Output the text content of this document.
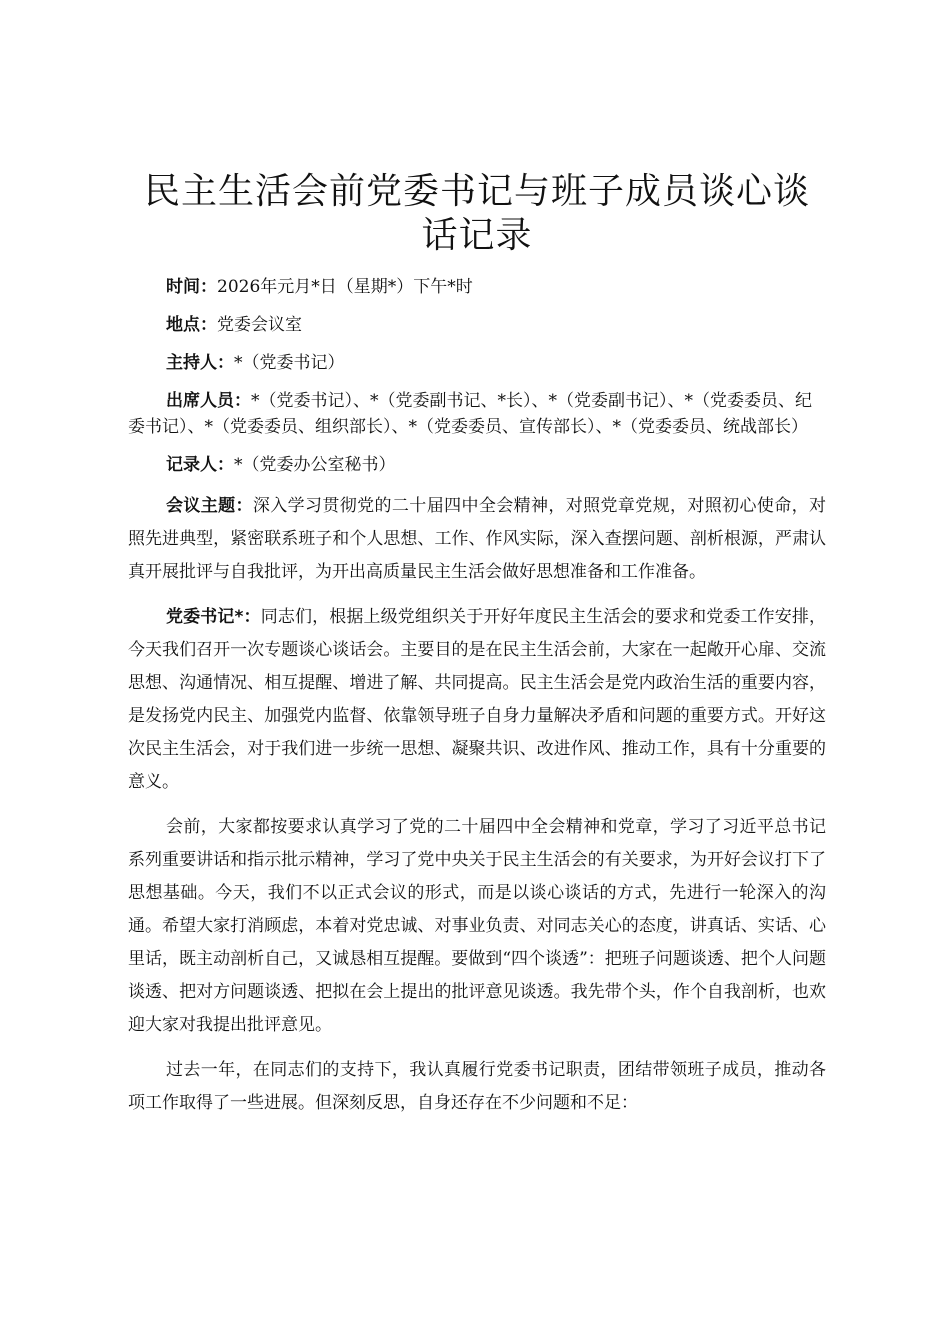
民主生活会前党委书记与班子成员谈心谈话记录

时间：2026年元月*日（星期*）下午*时

地点：党委会议室

主持人：*（党委书记）

出席人员：*（党委书记）、*（党委副书记、*长）、*（党委副书记）、*（党委委员、纪委书记）、*（党委委员、组织部长）、*（党委委员、宣传部长）、*（党委委员、统战部长）

记录人：*（党委办公室秘书）

会议主题：深入学习贯彻党的二十届四中全会精神，对照党章党规，对照初心使命，对照先进典型，紧密联系班子和个人思想、工作、作风实际，深入查摆问题、剖析根源，严肃认真开展批评与自我批评，为开出高质量民主生活会做好思想准备和工作准备。

党委书记*：同志们，根据上级党组织关于开好年度民主生活会的要求和党委工作安排，今天我们召开一次专题谈心谈话会。主要目的是在民主生活会前，大家在一起敞开心扉、交流思想、沟通情况、相互提醒、增进了解、共同提高。民主生活会是党内政治生活的重要内容，是发扬党内民主、加强党内监督、依靠领导班子自身力量解决矛盾和问题的重要方式。开好这次民主生活会，对于我们进一步统一思想、凝聚共识、改进作风、推动工作，具有十分重要的意义。

会前，大家都按要求认真学习了党的二十届四中全会精神和党章，学习了习近平总书记系列重要讲话和指示批示精神，学习了党中央关于民主生活会的有关要求，为开好会议打下了思想基础。今天，我们不以正式会议的形式，而是以谈心谈话的方式，先进行一轮深入的沟通。希望大家打消顾虑，本着对党忠诚、对事业负责、对同志关心的态度，讲真话、实话、心里话，既主动剖析自己，又诚恳相互提醒。要做到“四个谈透”：把班子问题谈透、把个人问题谈透、把对方问题谈透、把拟在会上提出的批评意见谈透。我先带个头，作个自我剖析，也欢迎大家对我提出批评意见。

过去一年，在同志们的支持下，我认真履行党委书记职责，团结带领班子成员，推动各项工作取得了一些进展。但深刻反思，自身还存在不少问题和不足：
